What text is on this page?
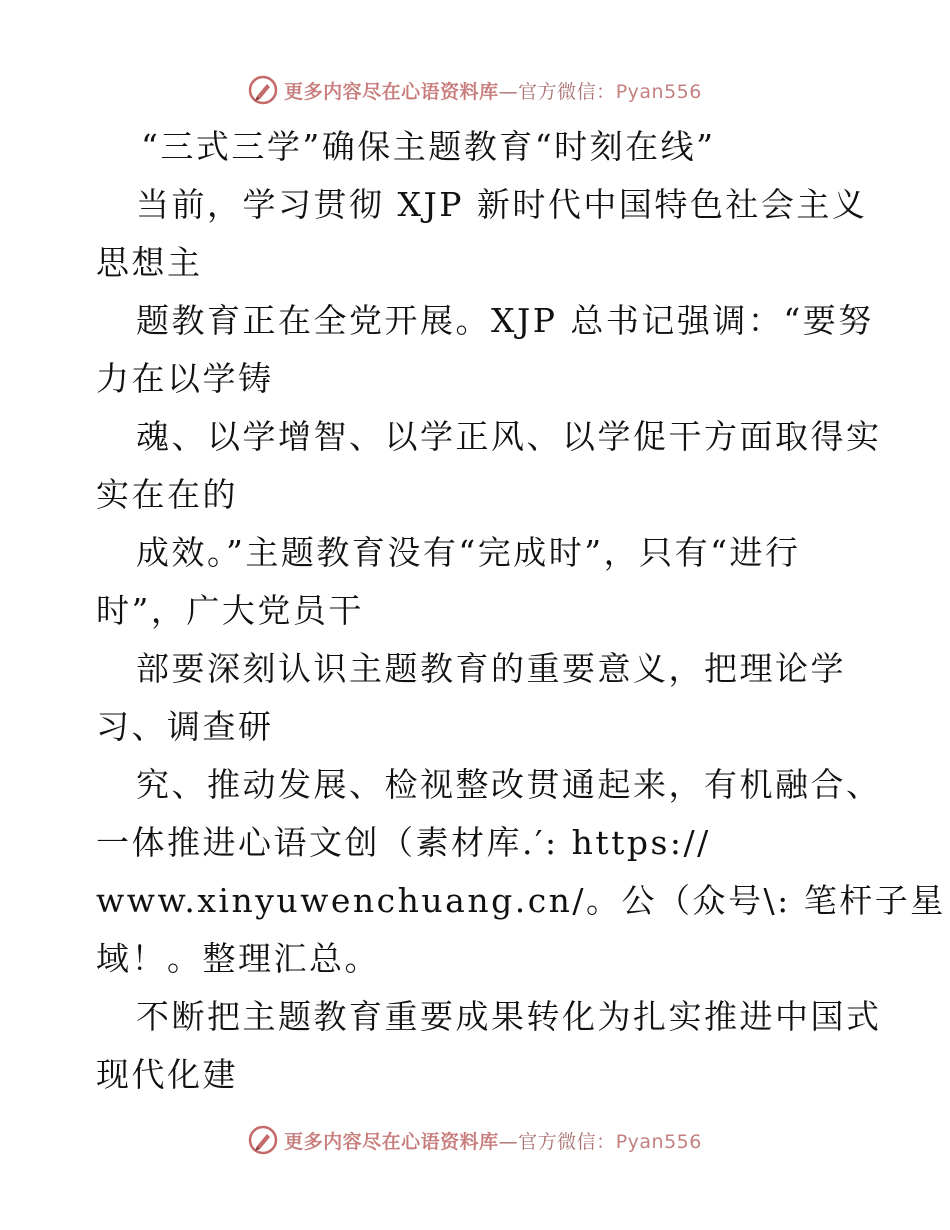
更多内容尽在心语资料库—官方微信：Pyan556

“三式三学”确保主题教育“时刻在线”

当前，学习贯彻 XJP 新时代中国特色社会主义

思想主

题教育正在全党开展。XJP 总书记强调：“要努

力在以学铸

魂、以学增智、以学正风、以学促干方面取得实

实在在的

成效。”主题教育没有“完成时”，只有“进行

时”，广大党员干

部要深刻认识主题教育的重要意义，把理论学

习、调查研

究、推动发展、检视整改贯通起来，有机融合、

一体推进心语文创（素材库.′: https://

www.xinyuwenchuang.cn/。公（众号\: 笔杆子星

域！。整理汇总。

不断把主题教育重要成果转化为扎实推进中国式

现代化建

更多内容尽在心语资料库—官方微信：Pyan556
